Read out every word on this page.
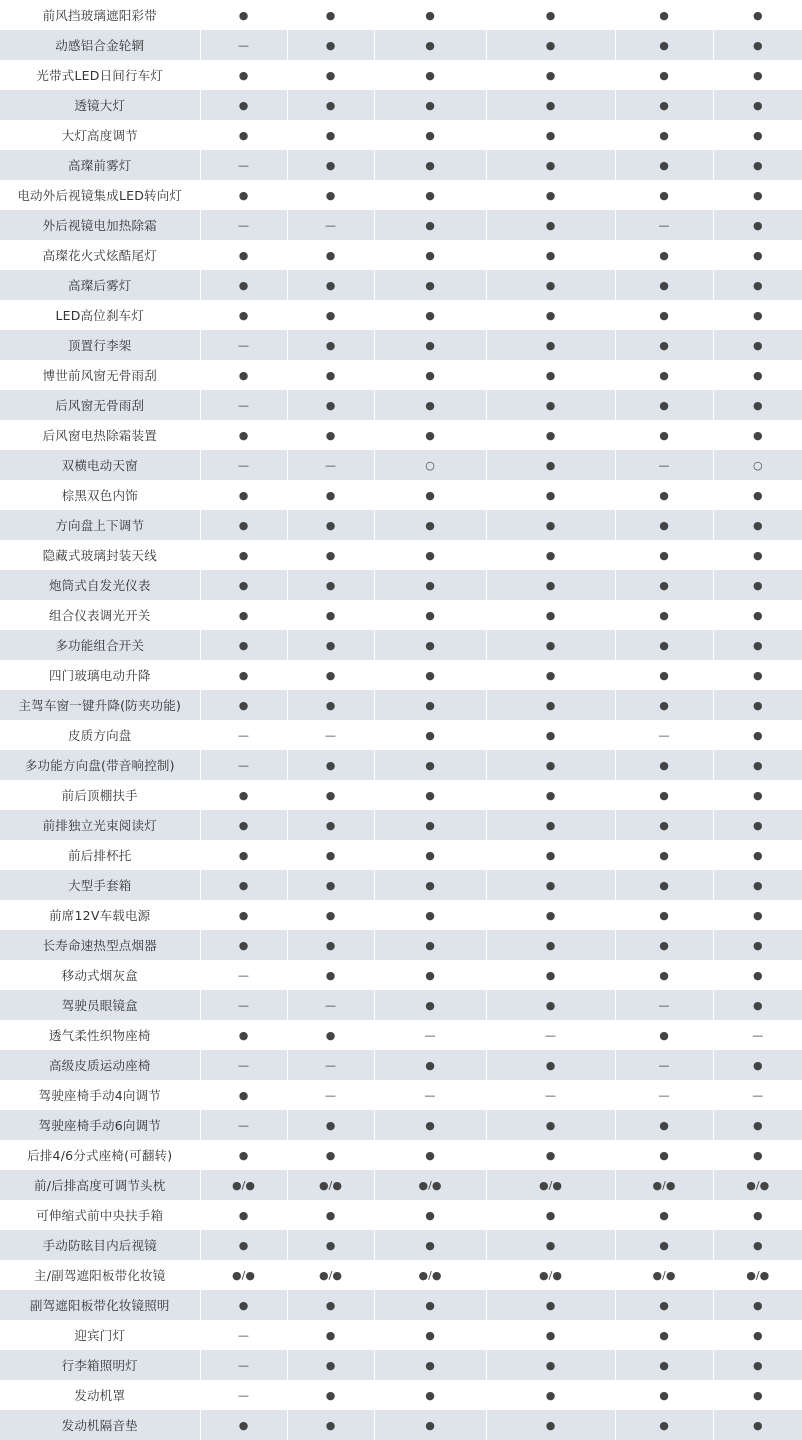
前风挡玻璃遮阳彩带	●	●	●	●	●	●
动感铝合金轮辋	—	●	●	●	●	●
光带式LED日间行车灯	●	●	●	●	●	●
透镜大灯	●	●	●	●	●	●
大灯高度调节	●	●	●	●	●	●
高璨前雾灯	—	●	●	●	●	●
电动外后视镜集成LED转向灯	●	●	●	●	●	●
外后视镜电加热除霜	—	—	●	●	—	●
高璨花火式炫酷尾灯	●	●	●	●	●	●
高璨后雾灯	●	●	●	●	●	●
LED高位刹车灯	●	●	●	●	●	●
顶置行李架	—	●	●	●	●	●
博世前风窗无骨雨刮	●	●	●	●	●	●
后风窗无骨雨刮	—	●	●	●	●	●
后风窗电热除霜装置	●	●	●	●	●	●
双横电动天窗	—	—	○	●	—	○
棕黑双色内饰	●	●	●	●	●	●
方向盘上下调节	●	●	●	●	●	●
隐藏式玻璃封装天线	●	●	●	●	●	●
炮筒式自发光仪表	●	●	●	●	●	●
组合仪表调光开关	●	●	●	●	●	●
多功能组合开关	●	●	●	●	●	●
四门玻璃电动升降	●	●	●	●	●	●
主驾车窗一键升降(防夹功能)	●	●	●	●	●	●
皮质方向盘	—	—	●	●	—	●
多功能方向盘(带音响控制)	—	●	●	●	●	●
前后顶棚扶手	●	●	●	●	●	●
前排独立光束阅读灯	●	●	●	●	●	●
前后排杯托	●	●	●	●	●	●
大型手套箱	●	●	●	●	●	●
前席12V车载电源	●	●	●	●	●	●
长寿命速热型点烟器	●	●	●	●	●	●
移动式烟灰盒	—	●	●	●	●	●
驾驶员眼镜盒	—	—	●	●	—	●
透气柔性织物座椅	●	●	—	—	●	—
高级皮质运动座椅	—	—	●	●	—	●
驾驶座椅手动4向调节	●	—	—	—	—	—
驾驶座椅手动6向调节	—	●	●	●	●	●
后排4/6分式座椅(可翻转)	●	●	●	●	●	●
前/后排高度可调节头枕	●/●	●/●	●/●	●/●	●/●	●/●
可伸缩式前中央扶手箱	●	●	●	●	●	●
手动防眩目内后视镜	●	●	●	●	●	●
主/副驾遮阳板带化妆镜	●/●	●/●	●/●	●/●	●/●	●/●
副驾遮阳板带化妆镜照明	●	●	●	●	●	●
迎宾门灯	—	●	●	●	●	●
行李箱照明灯	—	●	●	●	●	●
发动机罩	—	●	●	●	●	●
发动机隔音垫	●	●	●	●	●	●
